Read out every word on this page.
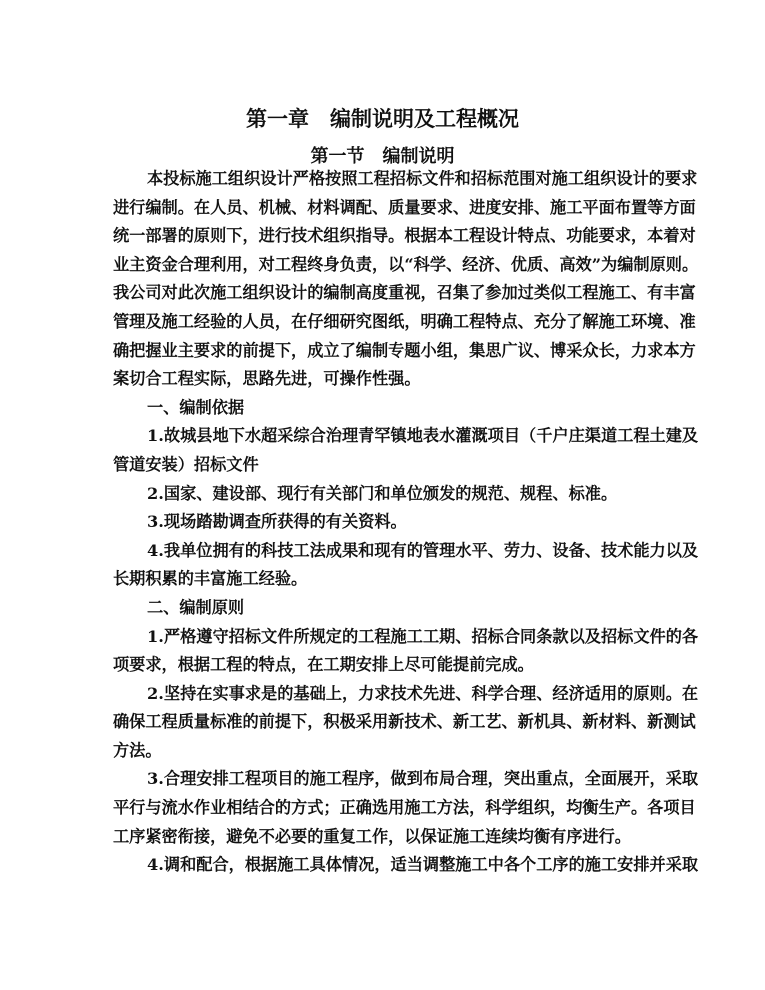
第一章　编制说明及工程概况
第一节　编制说明
本投标施工组织设计严格按照工程招标文件和招标范围对施工组织设计的要求
进行编制。在人员、机械、材料调配、质量要求、进度安排、施工平面布置等方面
统一部署的原则下，进行技术组织指导。根据本工程设计特点、功能要求，本着对
业主资金合理利用，对工程终身负责，以“科学、经济、优质、高效”为编制原则。
我公司对此次施工组织设计的编制高度重视，召集了参加过类似工程施工、有丰富
管理及施工经验的人员，在仔细研究图纸，明确工程特点、充分了解施工环境、准
确把握业主要求的前提下，成立了编制专题小组，集思广议、博采众长，力求本方
案切合工程实际，思路先进，可操作性强。
一、编制依据
1.故城县地下水超采综合治理青罕镇地表水灌溉项目（千户庄渠道工程土建及
管道安装）招标文件
2.国家、建设部、现行有关部门和单位颁发的规范、规程、标准。
3.现场踏勘调查所获得的有关资料。
4.我单位拥有的科技工法成果和现有的管理水平、劳力、设备、技术能力以及
长期积累的丰富施工经验。
二、编制原则
1.严格遵守招标文件所规定的工程施工工期、招标合同条款以及招标文件的各
项要求，根据工程的特点，在工期安排上尽可能提前完成。
2.坚持在实事求是的基础上，力求技术先进、科学合理、经济适用的原则。在
确保工程质量标准的前提下，积极采用新技术、新工艺、新机具、新材料、新测试
方法。
3.合理安排工程项目的施工程序，做到布局合理，突出重点，全面展开，采取
平行与流水作业相结合的方式；正确选用施工方法，科学组织，均衡生产。各项目
工序紧密衔接，避免不必要的重复工作，以保证施工连续均衡有序进行。
4.调和配合，根据施工具体情况，适当调整施工中各个工序的施工安排并采取
